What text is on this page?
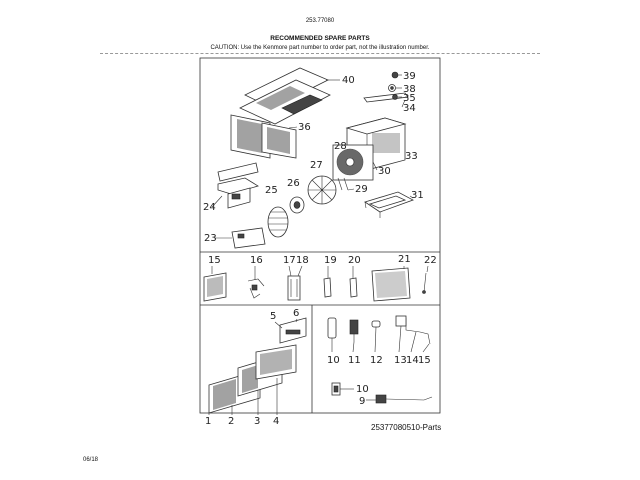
253.77080
RECOMMENDED SPARE PARTS
CAUTION: Use the Kenmore part number to order part, not the illustration number.
40	39
38
35
34
36
28
33
27
30
26
29
25	31
24
23
15	16 17 18 19 20	21 22
5 6
10 11 12 13 14 15
10
9
1 2 3 4
25377080510-Parts
06/18
